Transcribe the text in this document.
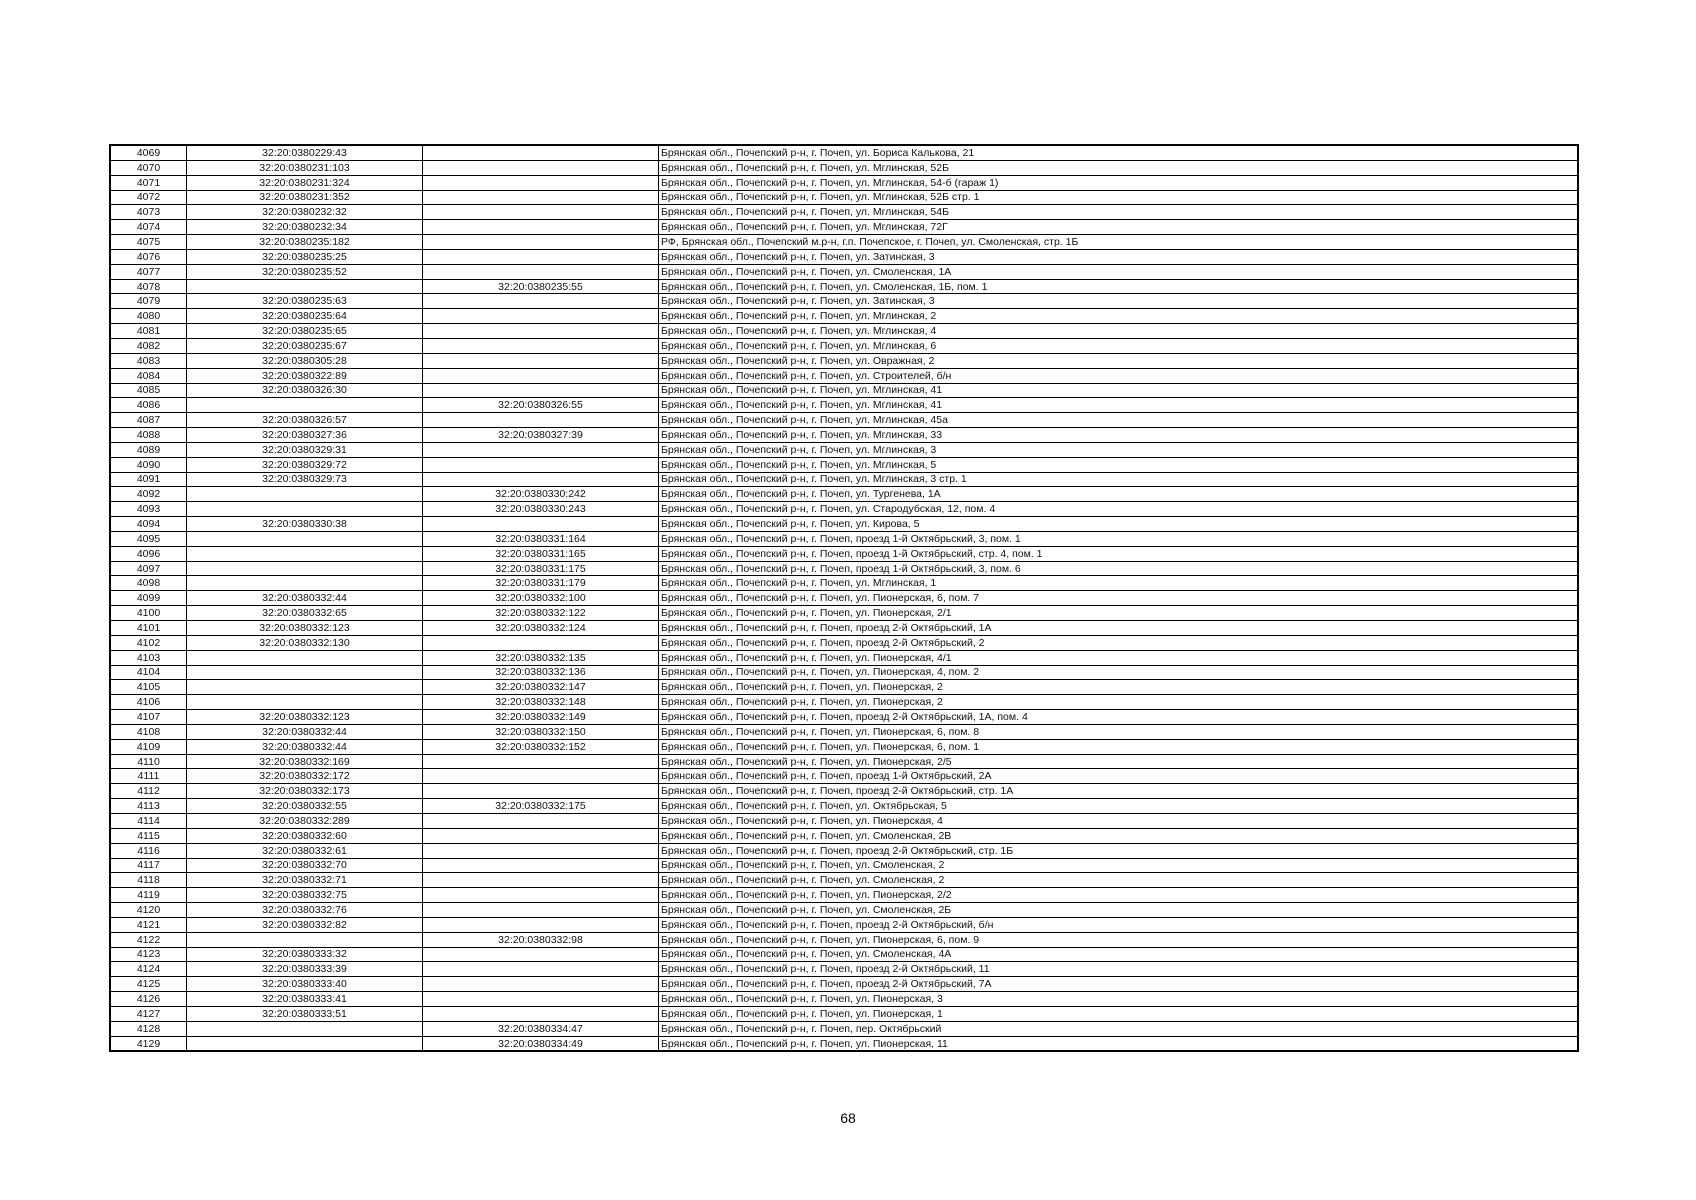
4069	32:20:0380229:43		Брянская обл., Почепский р-н, г. Почеп, ул. Бориса Калькова, 21
4070	32:20:0380231:103		Брянская обл., Почепский р-н, г. Почеп, ул. Мглинская, 52Б
4071	32:20:0380231:324		Брянская обл., Почепский р-н, г. Почеп, ул. Мглинская, 54-б (гараж 1)
4072	32:20:0380231:352		Брянская обл., Почепский р-н, г. Почеп, ул. Мглинская, 52Б стр. 1
4073	32:20:0380232:32		Брянская обл., Почепский р-н, г. Почеп, ул. Мглинская, 54Б
4074	32:20:0380232:34		Брянская обл., Почепский р-н, г. Почеп, ул. Мглинская, 72Г
4075	32:20:0380235:182		РФ, Брянская обл., Почепский м.р-н, г.п. Почепское, г. Почеп, ул. Смоленская, стр. 1Б
4076	32:20:0380235:25		Брянская обл., Почепский р-н, г. Почеп, ул. Затинская, 3
4077	32:20:0380235:52		Брянская обл., Почепский р-н, г. Почеп, ул. Смоленская, 1А
4078		32:20:0380235:55	Брянская обл., Почепский р-н, г. Почеп, ул. Смоленская, 1Б, пом. 1
4079	32:20:0380235:63		Брянская обл., Почепский р-н, г. Почеп, ул. Затинская, 3
4080	32:20:0380235:64		Брянская обл., Почепский р-н, г. Почеп, ул. Мглинская, 2
4081	32:20:0380235:65		Брянская обл., Почепский р-н, г. Почеп, ул. Мглинская, 4
4082	32:20:0380235:67		Брянская обл., Почепский р-н, г. Почеп, ул. Мглинская, 6
4083	32:20:0380305:28		Брянская обл., Почепский р-н, г. Почеп, ул. Овражная, 2
4084	32:20:0380322:89		Брянская обл., Почепский р-н, г. Почеп, ул. Строителей, б/н
4085	32:20:0380326:30		Брянская обл., Почепский р-н, г. Почеп, ул. Мглинская, 41
4086		32:20:0380326:55	Брянская обл., Почепский р-н, г. Почеп, ул. Мглинская, 41
4087	32:20:0380326:57		Брянская обл., Почепский р-н, г. Почеп, ул. Мглинская, 45а
4088	32:20:0380327:36	32:20:0380327:39	Брянская обл., Почепский р-н, г. Почеп, ул. Мглинская, 33
4089	32:20:0380329:31		Брянская обл., Почепский р-н, г. Почеп, ул. Мглинская, 3
4090	32:20:0380329:72		Брянская обл., Почепский р-н, г. Почеп, ул. Мглинская, 5
4091	32:20:0380329:73		Брянская обл., Почепский р-н, г. Почеп, ул. Мглинская, 3 стр. 1
4092		32:20:0380330:242	Брянская обл., Почепский р-н, г. Почеп, ул. Тургенева, 1А
4093		32:20:0380330:243	Брянская обл., Почепский р-н, г. Почеп, ул. Стародубская, 12, пом. 4
4094	32:20:0380330:38		Брянская обл., Почепский р-н, г. Почеп, ул. Кирова, 5
4095		32:20:0380331:164	Брянская обл., Почепский р-н, г. Почеп, проезд 1-й Октябрьский, 3, пом. 1
4096		32:20:0380331:165	Брянская обл., Почепский р-н, г. Почеп, проезд 1-й Октябрьский, стр. 4, пом. 1
4097		32:20:0380331:175	Брянская обл., Почепский р-н, г. Почеп, проезд 1-й Октябрьский, 3, пом. 6
4098		32:20:0380331:179	Брянская обл., Почепский р-н, г. Почеп, ул. Мглинская, 1
4099	32:20:0380332:44	32:20:0380332:100	Брянская обл., Почепский р-н, г. Почеп, ул. Пионерская, 6, пом. 7
4100	32:20:0380332:65	32:20:0380332:122	Брянская обл., Почепский р-н, г. Почеп, ул. Пионерская, 2/1
4101	32:20:0380332:123	32:20:0380332:124	Брянская обл., Почепский р-н, г. Почеп, проезд 2-й Октябрьский, 1А
4102	32:20:0380332:130		Брянская обл., Почепский р-н, г. Почеп, проезд 2-й Октябрьский, 2
4103		32:20:0380332:135	Брянская обл., Почепский р-н, г. Почеп, ул. Пионерская, 4/1
4104		32:20:0380332:136	Брянская обл., Почепский р-н, г. Почеп, ул. Пионерская, 4, пом. 2
4105		32:20:0380332:147	Брянская обл., Почепский р-н, г. Почеп, ул. Пионерская, 2
4106		32:20:0380332:148	Брянская обл., Почепский р-н, г. Почеп, ул. Пионерская, 2
4107	32:20:0380332:123	32:20:0380332:149	Брянская обл., Почепский р-н, г. Почеп, проезд 2-й Октябрьский, 1А, пом. 4
4108	32:20:0380332:44	32:20:0380332:150	Брянская обл., Почепский р-н, г. Почеп, ул. Пионерская, 6, пом. 8
4109	32:20:0380332:44	32:20:0380332:152	Брянская обл., Почепский р-н, г. Почеп, ул. Пионерская, 6, пом. 1
4110	32:20:0380332:169		Брянская обл., Почепский р-н, г. Почеп, ул. Пионерская, 2/5
4111	32:20:0380332:172		Брянская обл., Почепский р-н, г. Почеп, проезд 1-й Октябрьский, 2А
4112	32:20:0380332:173		Брянская обл., Почепский р-н, г. Почеп, проезд 2-й Октябрьский, стр. 1А
4113	32:20:0380332:55	32:20:0380332:175	Брянская обл., Почепский р-н, г. Почеп, ул. Октябрьская, 5
4114	32:20:0380332:289		Брянская обл., Почепский р-н, г. Почеп, ул. Пионерская, 4
4115	32:20:0380332:60		Брянская обл., Почепский р-н, г. Почеп, ул. Смоленская, 2В
4116	32:20:0380332:61		Брянская обл., Почепский р-н, г. Почеп, проезд 2-й Октябрьский, стр. 1Б
4117	32:20:0380332:70		Брянская обл., Почепский р-н, г. Почеп, ул. Смоленская, 2
4118	32:20:0380332:71		Брянская обл., Почепский р-н, г. Почеп, ул. Смоленская, 2
4119	32:20:0380332:75		Брянская обл., Почепский р-н, г. Почеп, ул. Пионерская, 2/2
4120	32:20:0380332:76		Брянская обл., Почепский р-н, г. Почеп, ул. Смоленская, 2Б
4121	32:20:0380332:82		Брянская обл., Почепский р-н, г. Почеп, проезд 2-й Октябрьский, б/н
4122		32:20:0380332:98	Брянская обл., Почепский р-н, г. Почеп, ул. Пионерская, 6, пом. 9
4123	32:20:0380333:32		Брянская обл., Почепский р-н, г. Почеп, ул. Смоленская, 4А
4124	32:20:0380333:39		Брянская обл., Почепский р-н, г. Почеп, проезд 2-й Октябрьский, 11
4125	32:20:0380333:40		Брянская обл., Почепский р-н, г. Почеп, проезд 2-й Октябрьский, 7А
4126	32:20:0380333:41		Брянская обл., Почепский р-н, г. Почеп, ул. Пионерская, 3
4127	32:20:0380333:51		Брянская обл., Почепский р-н, г. Почеп, ул. Пионерская, 1
4128		32:20:0380334:47	Брянская обл., Почепский р-н, г. Почеп, пер. Октябрьский
4129		32:20:0380334:49	Брянская обл., Почепский р-н, г. Почеп, ул. Пионерская, 11
68
